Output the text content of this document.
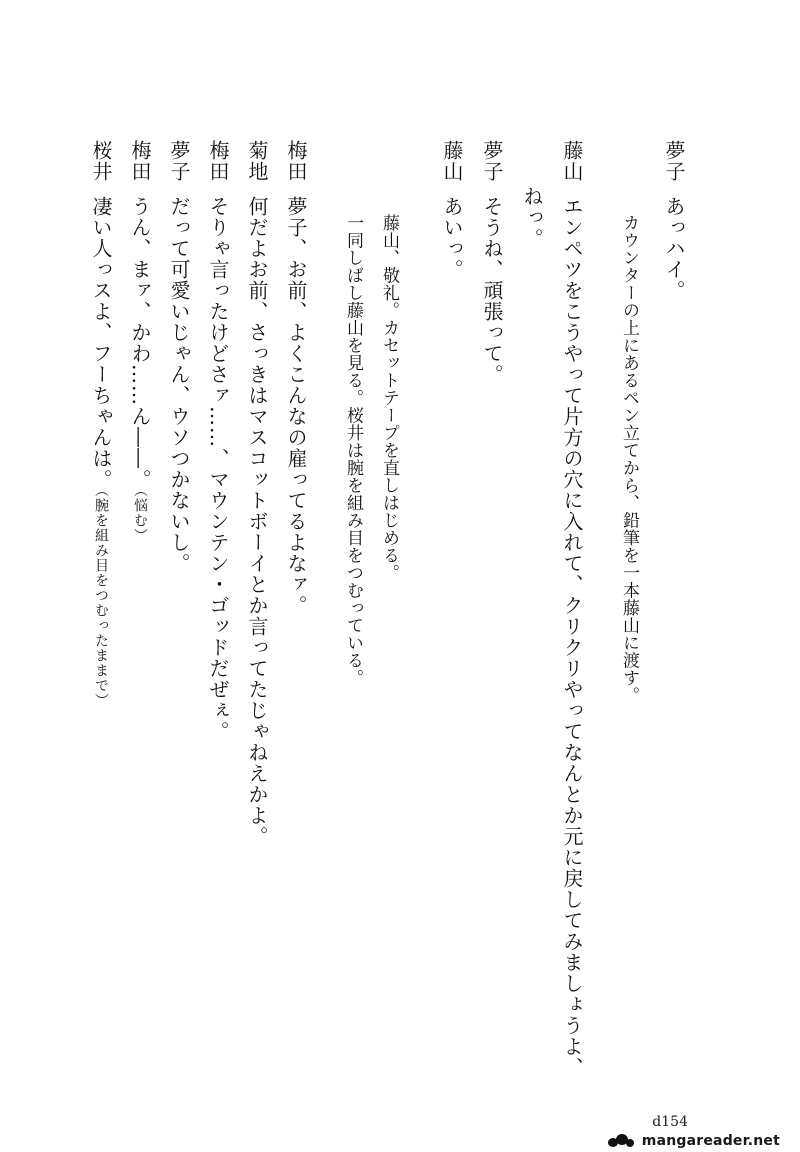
夢子あっハイ。
カウンターの上にあるペン立てから、鉛筆を一本藤山に渡す。
藤山エンペツをこうやって片方の穴に入れて、クリクリやってなんとか元に戻してみましょうよ、
ねっ。
夢子そうね、頑張って。
藤山あいっ。
藤山、敬礼。カセットテープを直しはじめる。
一同しばし藤山を見る。桜井は腕を組み目をつむっている。
梅田夢子、お前、よくこんなの雇ってるよなァ。
菊地何だよお前、さっきはマスコットボーイとか言ってたじゃねえかよ。
梅田そりゃ言ったけどさァ……、マウンテン・ゴッドだぜぇ。
夢子だって可愛いじゃん、ウソつかないし。
梅田うん、まァ、かわ……ん――。（悩む）
桜井凄い人っスよ、フーちゃんは。（腕を組み目をつむったままで）
d154
mangareader.net
